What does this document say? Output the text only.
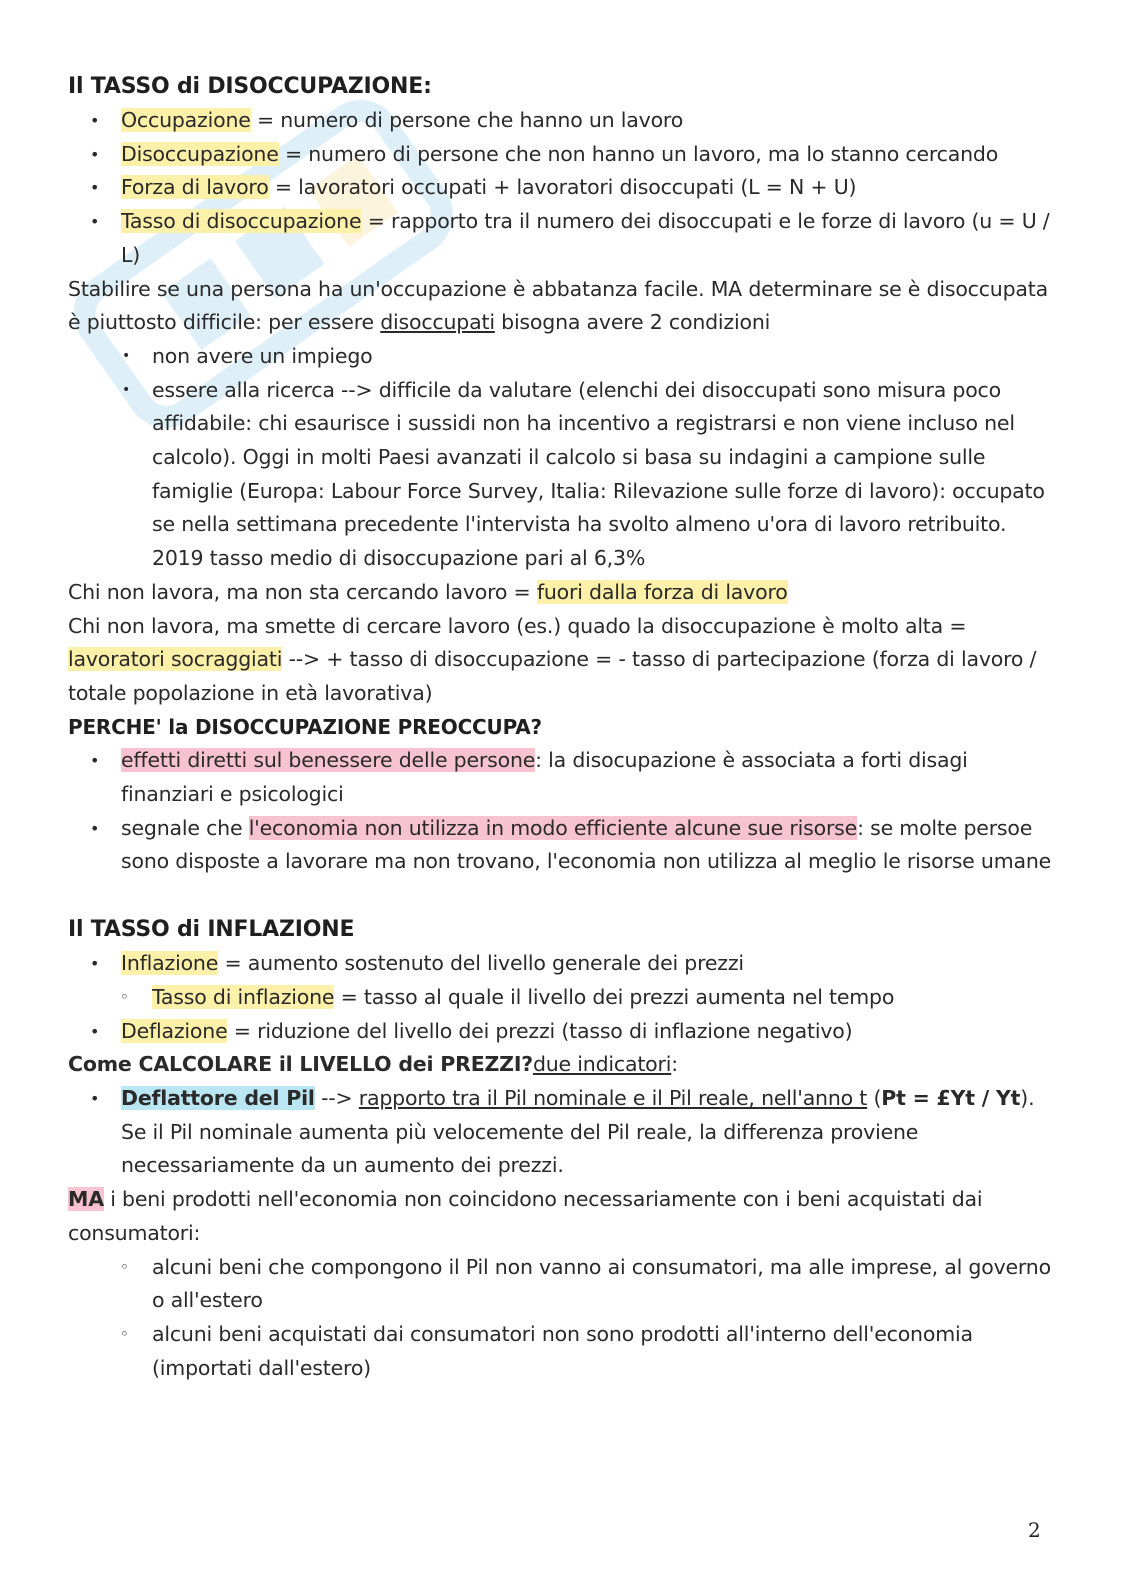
Il TASSO di DISOCCUPAZIONE:
• Occupazione = numero di persone che hanno un lavoro
• Disoccupazione = numero di persone che non hanno un lavoro, ma lo stanno cercando
• Forza di lavoro = lavoratori occupati + lavoratori disoccupati (L = N + U)
• Tasso di disoccupazione = rapporto tra il numero dei disoccupati e le forze di lavoro (u = U / L)

Stabilire se una persona ha un'occupazione è abbatanza facile. MA determinare se è disoccupata è piuttosto difficile: per essere disoccupati bisogna avere 2 condizioni

• non avere un impiego
• essere alla ricerca --> difficile da valutare (elenchi dei disoccupati sono misura poco affidabile: chi esaurisce i sussidi non ha incentivo a registrarsi e non viene incluso nel calcolo). Oggi in molti Paesi avanzati il calcolo si basa su indagini a campione sulle famiglie (Europa: Labour Force Survey, Italia: Rilevazione sulle forze di lavoro): occupato se nella settimana precedente l'intervista ha svolto almeno u'ora di lavoro retribuito. 2019 tasso medio di disoccupazione pari al 6,3%

Chi non lavora, ma non sta cercando lavoro = fuori dalla forza di lavoro

Chi non lavora, ma smette di cercare lavoro (es.) quado la disoccupazione è molto alta = lavoratori socraggiati --> + tasso di disoccupazione = - tasso di partecipazione (forza di lavoro / totale popolazione in età lavorativa)

PERCHE' la DISOCCUPAZIONE PREOCCUPA?
• effetti diretti sul benessere delle persone: la disocupazione è associata a forti disagi finanziari e psicologici
• segnale che l'economia non utilizza in modo efficiente alcune sue risorse: se molte persoe sono disposte a lavorare ma non trovano, l'economia non utilizza al meglio le risorse umane
Il TASSO di INFLAZIONE
• Inflazione = aumento sostenuto del livello generale dei prezzi
◦ Tasso di inflazione = tasso al quale il livello dei prezzi aumenta nel tempo
• Deflazione = riduzione del livello dei prezzi (tasso di inflazione negativo)

Come CALCOLARE il LIVELLO dei PREZZI?due indicatori:

• Deflattore del Pil --> rapporto tra il Pil nominale e il Pil reale, nell'anno t (Pt = £Yt / Yt). Se il Pil nominale aumenta più velocemente del Pil reale, la differenza proviene necessariamente da un aumento dei prezzi.

MA i beni prodotti nell'economia non coincidono necessariamente con i beni acquistati dai consumatori:

◦ alcuni beni che compongono il Pil non vanno ai consumatori, ma alle imprese, al governo o all'estero
◦ alcuni beni acquistati dai consumatori non sono prodotti all'interno dell'economia (importati dall'estero)
2
